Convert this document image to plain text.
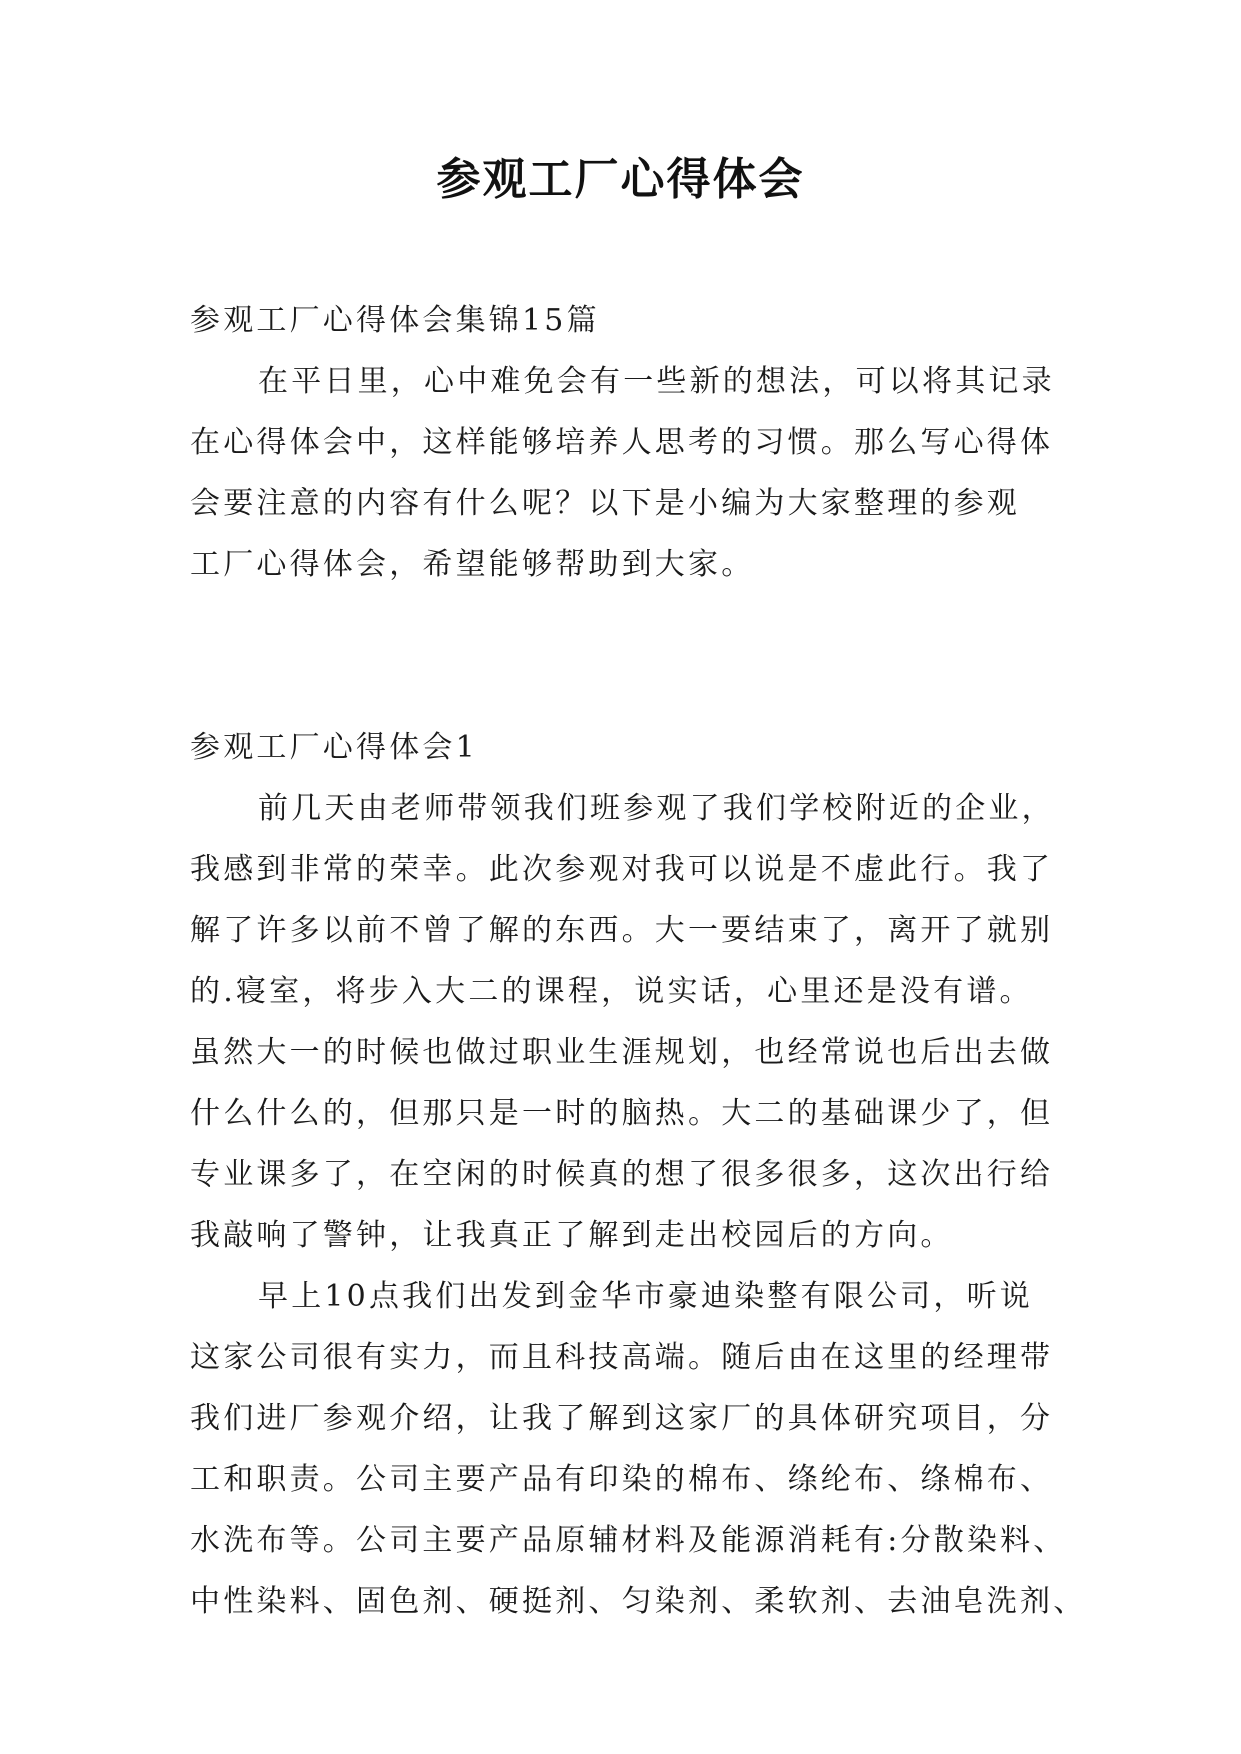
参观工厂心得体会
参观工厂心得体会集锦15篇
在平日里，心中难免会有一些新的想法，可以将其记录
在心得体会中，这样能够培养人思考的习惯。那么写心得体
会要注意的内容有什么呢？以下是小编为大家整理的参观
工厂心得体会，希望能够帮助到大家。
参观工厂心得体会1
前几天由老师带领我们班参观了我们学校附近的企业，
我感到非常的荣幸。此次参观对我可以说是不虚此行。我了
解了许多以前不曾了解的东西。大一要结束了，离开了就别
的.寝室，将步入大二的课程，说实话，心里还是没有谱。
虽然大一的时候也做过职业生涯规划，也经常说也后出去做
什么什么的，但那只是一时的脑热。大二的基础课少了，但
专业课多了，在空闲的时候真的想了很多很多，这次出行给
我敲响了警钟，让我真正了解到走出校园后的方向。
早上10点我们出发到金华市豪迪染整有限公司，听说
这家公司很有实力，而且科技高端。随后由在这里的经理带
我们进厂参观介绍，让我了解到这家厂的具体研究项目，分
工和职责。公司主要产品有印染的棉布、绦纶布、绦棉布、
水洗布等。公司主要产品原辅材料及能源消耗有:分散染料、
中性染料、固色剂、硬挺剂、匀染剂、柔软剂、去油皂洗剂、
